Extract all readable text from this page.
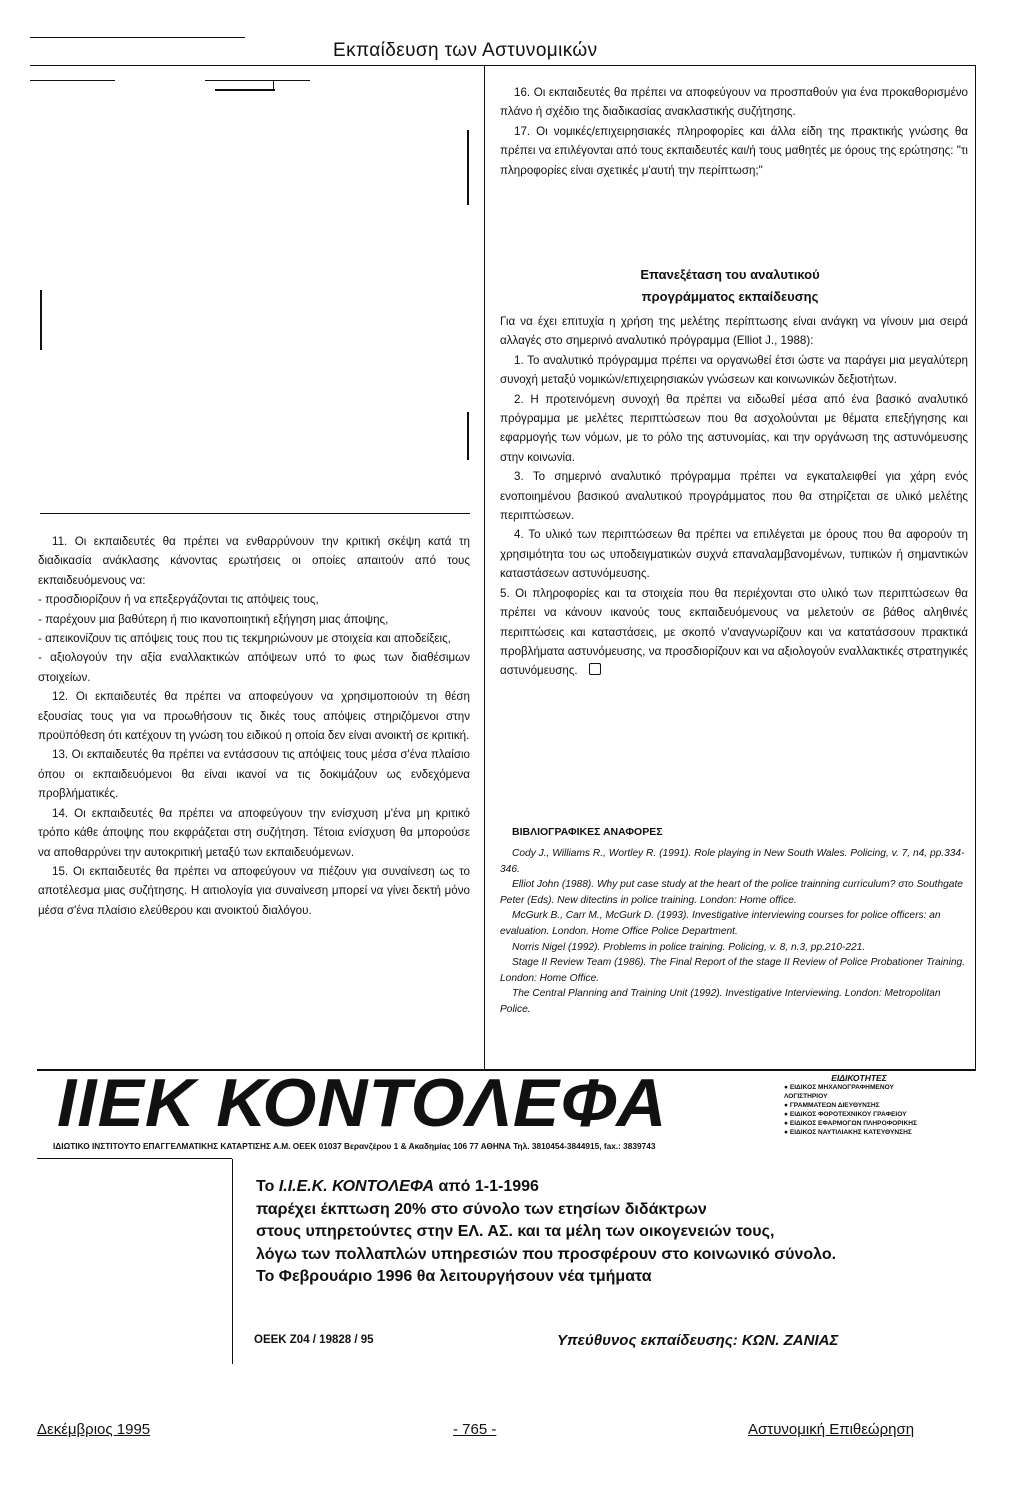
Εκπαίδευση των Αστυνομικών

16. Οι εκπαιδευτές θα πρέπει να αποφεύγουν να προσπαθούν για ένα προκαθορισμένο πλάνο ή σχέδιο της διαδικασίας ανακλαστικής συζήτησης.

17. Οι νομικές/επιχειρησιακές πληροφορίες και άλλα είδη της πρακτικής γνώσης θα πρέπει να επιλέγονται από τους εκπαιδευτές και/ή τους μαθητές με όρους της ερώτησης: "τι πληροφορίες είναι σχετικές μ'αυτή την περίπτωση;"

Επανεξέταση του αναλυτικού
προγράμματος εκπαίδευσης

Για να έχει επιτυχία η χρήση της μελέτης περίπτωσης είναι ανάγκη να γίνουν μια σειρά αλλαγές στο σημερινό αναλυτικό πρόγραμμα (Elliot J., 1988):

1. Το αναλυτικό πρόγραμμα πρέπει να οργανωθεί έτσι ώστε να παράγει μια μεγαλύτερη συνοχή μεταξύ νομικών/επιχειρησιακών γνώσεων και κοινωνικών δεξιοτήτων.

2. Η προτεινόμενη συνοχή θα πρέπει να ειδωθεί μέσα από ένα βασικό αναλυτικό πρόγραμμα με μελέτες περιπτώσεων που θα ασχολούνται με θέματα επεξήγησης και εφαρμογής των νόμων, με το ρόλο της αστυνομίας, και την οργάνωση της αστυνόμευσης στην κοινωνία.

3. Το σημερινό αναλυτικό πρόγραμμα πρέπει να εγκαταλειφθεί για χάρη ενός ενοποιημένου βασικού αναλυτικού προγράμματος που θα στηρίζεται σε υλικό μελέτης περιπτώσεων.

4. Το υλικό των περιπτώσεων θα πρέπει να επιλέγεται με όρους που θα αφορούν τη χρησιμότητα του ως υποδειγματικών συχνά επαναλαμβανομένων, τυπικών ή σημαντικών καταστάσεων αστυνόμευσης.

5. Οι πληροφορίες και τα στοιχεία που θα περιέχονται στο υλικό των περιπτώσεων θα πρέπει να κάνουν ικανούς τους εκπαιδευόμενους να μελετούν σε βάθος αληθινές περιπτώσεις και καταστάσεις, με σκοπό ν'αναγνωρίζουν και να κατατάσσουν πρακτικά προβλήματα αστυνόμευσης, να προσδιορίζουν και να αξιολογούν εναλλακτικές στρατηγικές αστυνόμευσης.

11. Οι εκπαιδευτές θα πρέπει να ενθαρρύνουν την κριτική σκέψη κατά τη διαδικασία ανάκλασης κάνοντας ερωτήσεις οι οποίες απαιτούν από τους εκπαιδευόμενους να:

- προσδιορίζουν ή να επεξεργάζονται τις απόψεις τους,

- παρέχουν μια βαθύτερη ή πιο ικανοποιητική εξήγηση μιας άποψης,

- απεικονίζουν τις απόψεις τους που τις τεκμηριώνουν με στοιχεία και αποδείξεις,

- αξιολογούν την αξία εναλλακτικών απόψεων υπό το φως των διαθέσιμων στοιχείων.

12. Οι εκπαιδευτές θα πρέπει να αποφεύγουν να χρησιμοποιούν τη θέση εξουσίας τους για να προωθήσουν τις δικές τους απόψεις στηριζόμενοι στην προϋπόθεση ότι κατέχουν τη γνώση του ειδικού η οποία δεν είναι ανοικτή σε κριτική.

13. Οι εκπαιδευτές θα πρέπει να εντάσσουν τις απόψεις τους μέσα σ'ένα πλαίσιο όπου οι εκπαιδευόμενοι θα είναι ικανοί να τις δοκιμάζουν ως ενδεχόμενα προβλήματικές.

14. Οι εκπαιδευτές θα πρέπει να αποφεύγουν την ενίσχυση μ'ένα μη κριτικό τρόπο κάθε άποψης που εκφράζεται στη συζήτηση. Τέτοια ενίσχυση θα μπορούσε να αποθαρρύνει την αυτοκριτική μεταξύ των εκπαιδευόμενων.

15. Οι εκπαιδευτές θα πρέπει να αποφεύγουν να πιέζουν για συναίνεση ως το αποτέλεσμα μιας συζήτησης. Η αιτιολογία για συναίνεση μπορεί να γίνει δεκτή μόνο μέσα σ'ένα πλαίσιο ελεύθερου και ανοικτού διαλόγου.

ΒΙΒΛΙΟΓΡΑΦΙΚΕΣ ΑΝΑΦΟΡΕΣ

Cody J., Williams R., Wortley R. (1991). Role playing in New South Wales. Policing, v. 7, n4, pp.334-346.

Elliot John (1988). Why put case study at the heart of the police trainning curriculum? στο Southgate Peter (Eds). New ditectins in police training. London: Home office.

McGurk B., Carr M., McGurk D. (1993). Investigative interviewing courses for police officers: an evaluation. London. Home Office Police Department.

Norris Nigel (1992). Problems in police training. Policing, v. 8, n.3, pp.210-221.

Stage II Review Team (1986). The Final Report of the stage II Review of Police Probationer Training. London: Home Office.

The Central Planning and Training Unit (1992). Investigative Interviewing. London: Metropolitan Police.

ΙΙΕΚ ΚΟΝΤΟΛΕΦΑ
ΙΔΙΩΤΙΚΟ ΙΝΣΤΙΤΟΥΤΟ ΕΠΑΓΓΕΛΜΑΤΙΚΗΣ ΚΑΤΑΡΤΙΣΗΣ Α.Μ. ΟΕΕΚ 01037 Βερανζέρου 1 & Ακαδημίας 106 77 ΑΘΗΝΑ Τηλ. 3810454-3844915, fax.: 3839743
ΕΙΔΙΚΟΤΗΤΕΣ
● ΕΙΔΙΚΟΣ ΜΗΧΑΝΟΓΡΑΦΗΜΕΝΟΥ ΛΟΓΙΣΤΗΡΙΟΥ
● ΓΡΑΜΜΑΤΕΩΝ ΔΙΕΥΘΥΝΣΗΣ
● ΕΙΔΙΚΟΣ ΦΟΡΟΤΕΧΝΙΚΟΥ ΓΡΑΦΕΙΟΥ
● ΕΙΔΙΚΟΣ ΕΦΑΡΜΟΓΩΝ ΠΛΗΡΟΦΟΡΙΚΗΣ
● ΕΙΔΙΚΟΣ ΝΑΥΤΙΛΙΑΚΗΣ ΚΑΤΕΥΘΥΝΣΗΣ
Το Ι.Ι.Ε.Κ. ΚΟΝΤΟΛΕΦΑ από 1-1-1996
παρέχει έκπτωση 20% στο σύνολο των ετησίων διδάκτρων
στους υπηρετούντες στην ΕΛ. ΑΣ. και τα μέλη των οικογενειών τους,
λόγω των πολλαπλών υπηρεσιών που προσφέρουν στο κοινωνικό σύνολο.
Το Φεβρουάριο 1996 θα λειτουργήσουν νέα τμήματα
ΟΕΕΚ Ζ04 / 19828 / 95	Υπεύθυνος εκπαίδευσης: ΚΩΝ. ΖΑΝΙΑΣ
Δεκέμβριος 1995	- 765 -	Αστυνομική Επιθεώρηση
